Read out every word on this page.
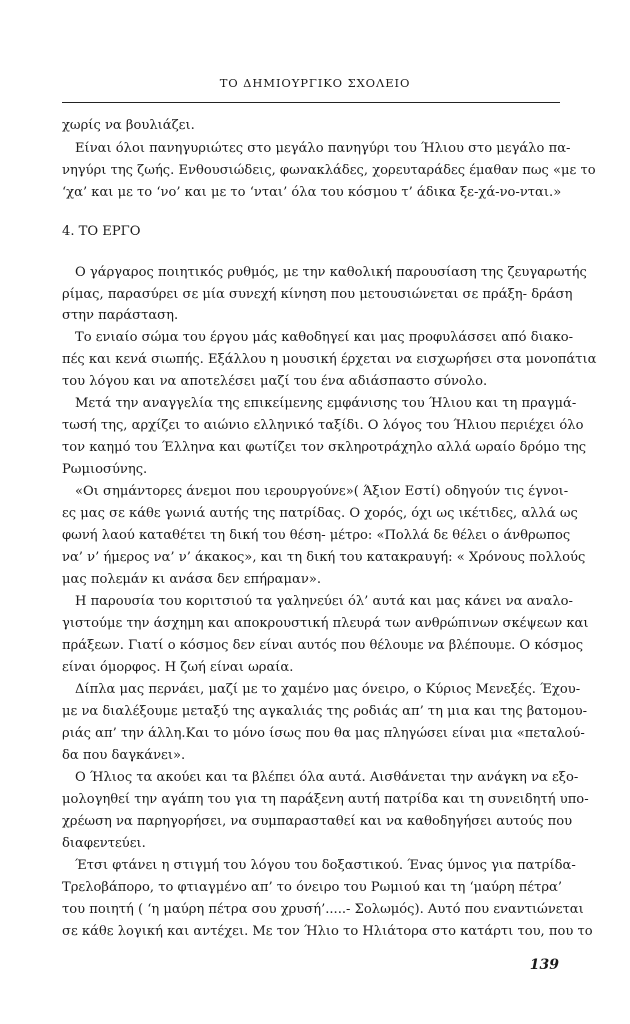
ΤΟ ΔΗΜΙΟΥΡΓΙΚΟ ΣΧΟΛΕΙΟ
χωρίς να βουλιάζει.
Είναι όλοι πανηγυριώτες στο μεγάλο πανηγύρι του Ήλιου στο μεγάλο πα-
νηγύρι της ζωής. Ενθουσιώδεις, φωνακλάδες, χορευταράδες έμαθαν πως «με το
‘χα’ και με το ‘νο’ και με το ‘νται’ όλα του κόσμου τ’ άδικα ξε-χά-νο-νται.»
4. ΤΟ ΕΡΓΟ
Ο γάργαρος ποιητικός ρυθμός, με την καθολική παρουσίαση της ζευγαρωτής
ρίμας, παρασύρει σε μία συνεχή κίνηση που μετουσιώνεται σε πράξη- δράση
στην παράσταση.
Το ενιαίο σώμα του έργου μάς καθοδηγεί και μας προφυλάσσει από διακο-
πές και κενά σιωπής. Εξάλλου η μουσική έρχεται να εισχωρήσει στα μονοπάτια
του λόγου και να αποτελέσει μαζί του ένα αδιάσπαστο σύνολο.
Μετά την αναγγελία της επικείμενης εμφάνισης του Ήλιου και τη πραγμά-
τωσή της, αρχίζει το αιώνιο ελληνικό ταξίδι. Ο λόγος του Ήλιου περιέχει όλο
τον καημό του Έλληνα και φωτίζει τον σκληροτράχηλο αλλά ωραίο δρόμο της
Ρωμιοσύνης.
«Οι σημάντορες άνεμοι που ιερουργούνε»( Άξιον Εστί) οδηγούν τις έγνοι-
ες μας σε κάθε γωνιά αυτής της πατρίδας. Ο χορός, όχι ως ικέτιδες, αλλά ως
φωνή λαού καταθέτει τη δική του θέση- μέτρο: «Πολλά δε θέλει ο άνθρωπος
να’ ν’ ήμερος να’ ν’ άκακος», και τη δική του κατακραυγή: « Χρόνους πολλούς
μας πολεμάν κι ανάσα δεν επήραμαν».
Η παρουσία του κοριτσιού τα γαληνεύει όλ’ αυτά και μας κάνει να αναλο-
γιστούμε την άσχημη και αποκρουστική πλευρά των ανθρώπινων σκέψεων και
πράξεων. Γιατί ο κόσμος δεν είναι αυτός που θέλουμε να βλέπουμε. Ο κόσμος
είναι όμορφος. Η ζωή είναι ωραία.
Δίπλα μας περνάει, μαζί με το χαμένο μας όνειρο, ο Κύριος Μενεξές. Έχου-
με να διαλέξουμε μεταξύ της αγκαλιάς της ροδιάς απ’ τη μια και της βατομου-
ριάς απ’ την άλλη.Και το μόνο ίσως που θα μας πληγώσει είναι μια «πεταλού-
δα που δαγκάνει».
Ο Ήλιος τα ακούει και τα βλέπει όλα αυτά. Αισθάνεται την ανάγκη να εξο-
μολογηθεί την αγάπη του για τη παράξενη αυτή πατρίδα και τη συνειδητή υπο-
χρέωση να παρηγορήσει, να συμπαρασταθεί και να καθοδηγήσει αυτούς που
διαφεντεύει.
Έτσι φτάνει η στιγμή του λόγου του δοξαστικού. Ένας ύμνος για πατρίδα-
Τρελοβάπορο, το φτιαγμένο απ’ το όνειρο του Ρωμιού και τη ‘μαύρη πέτρα’
του ποιητή ( ‘η μαύρη πέτρα σου χρυσή’.....- Σολωμός). Αυτό που εναντιώνεται
σε κάθε λογική και αντέχει. Με τον Ήλιο το Ηλιάτορα στο κατάρτι του, που το
139
